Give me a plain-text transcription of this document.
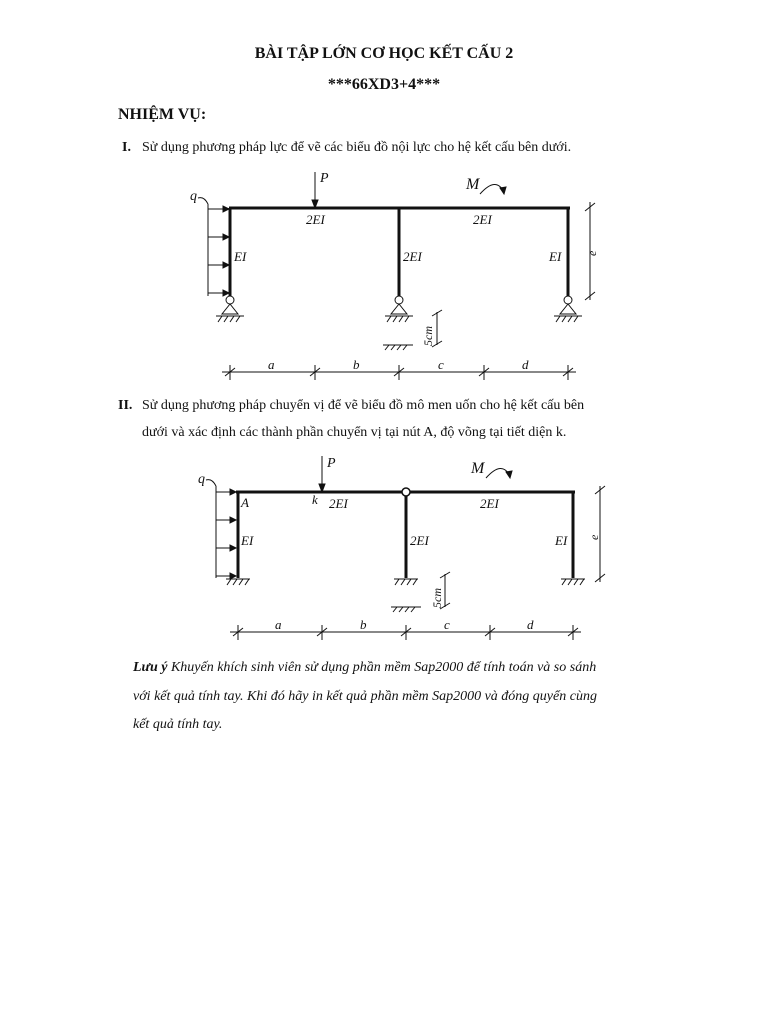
BÀI TẬP LỚN CƠ HỌC KẾT CẤU 2
***66XD3+4***
NHIỆM VỤ:
I. Sử dụng phương pháp lực để vẽ các biểu đồ nội lực cho hệ kết cấu bên dưới.
q
P	M
2EI	2EI
EI	2EI	EI
5cm
e
a	b	c	d
II. Sử dụng phương pháp chuyển vị để vẽ biểu đồ mô men uốn cho hệ kết cấu bên
dưới và xác định các thành phần chuyển vị tại nút A, độ võng tại tiết diện k.
q
P	M
A	k 2EI	2EI
EI	2EI	EI
5cm
e
a	b	c	d
Lưu ý Khuyến khích sinh viên sử dụng phần mềm Sap2000 để tính toán và so sánh
với kết quả tính tay. Khi đó hãy in kết quả phần mềm Sap2000 và đóng quyển cùng
kết quả tính tay.
